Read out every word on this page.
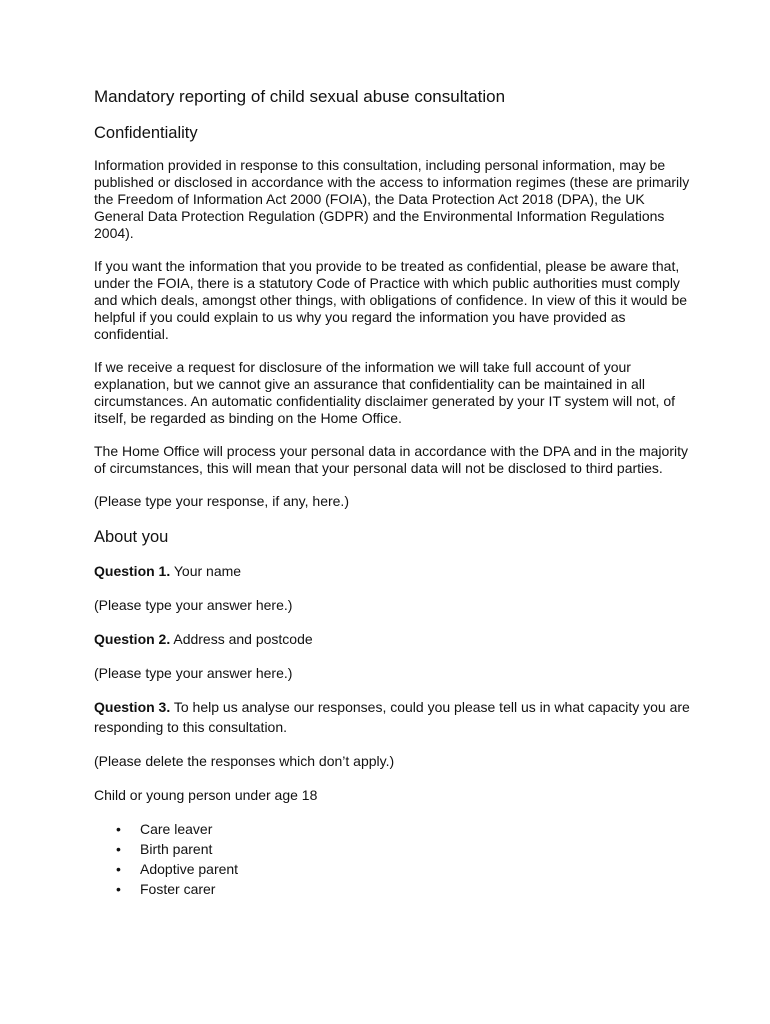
Mandatory reporting of child sexual abuse consultation
Confidentiality

Information provided in response to this consultation, including personal information, may be published or disclosed in accordance with the access to information regimes (these are primarily the Freedom of Information Act 2000 (FOIA), the Data Protection Act 2018 (DPA), the UK General Data Protection Regulation (GDPR) and the Environmental Information Regulations 2004).

If you want the information that you provide to be treated as confidential, please be aware that, under the FOIA, there is a statutory Code of Practice with which public authorities must comply and which deals, amongst other things, with obligations of confidence. In view of this it would be helpful if you could explain to us why you regard the information you have provided as confidential.

If we receive a request for disclosure of the information we will take full account of your explanation, but we cannot give an assurance that confidentiality can be maintained in all circumstances. An automatic confidentiality disclaimer generated by your IT system will not, of itself, be regarded as binding on the Home Office.

The Home Office will process your personal data in accordance with the DPA and in the majority of circumstances, this will mean that your personal data will not be disclosed to third parties.

(Please type your response, if any, here.)

About you

Question 1. Your name

(Please type your answer here.)

Question 2. Address and postcode

(Please type your answer here.)

Question 3. To help us analyse our responses, could you please tell us in what capacity you are responding to this consultation.

(Please delete the responses which don’t apply.)

Child or young person under age 18

• Care leaver
• Birth parent
• Adoptive parent
• Foster carer
